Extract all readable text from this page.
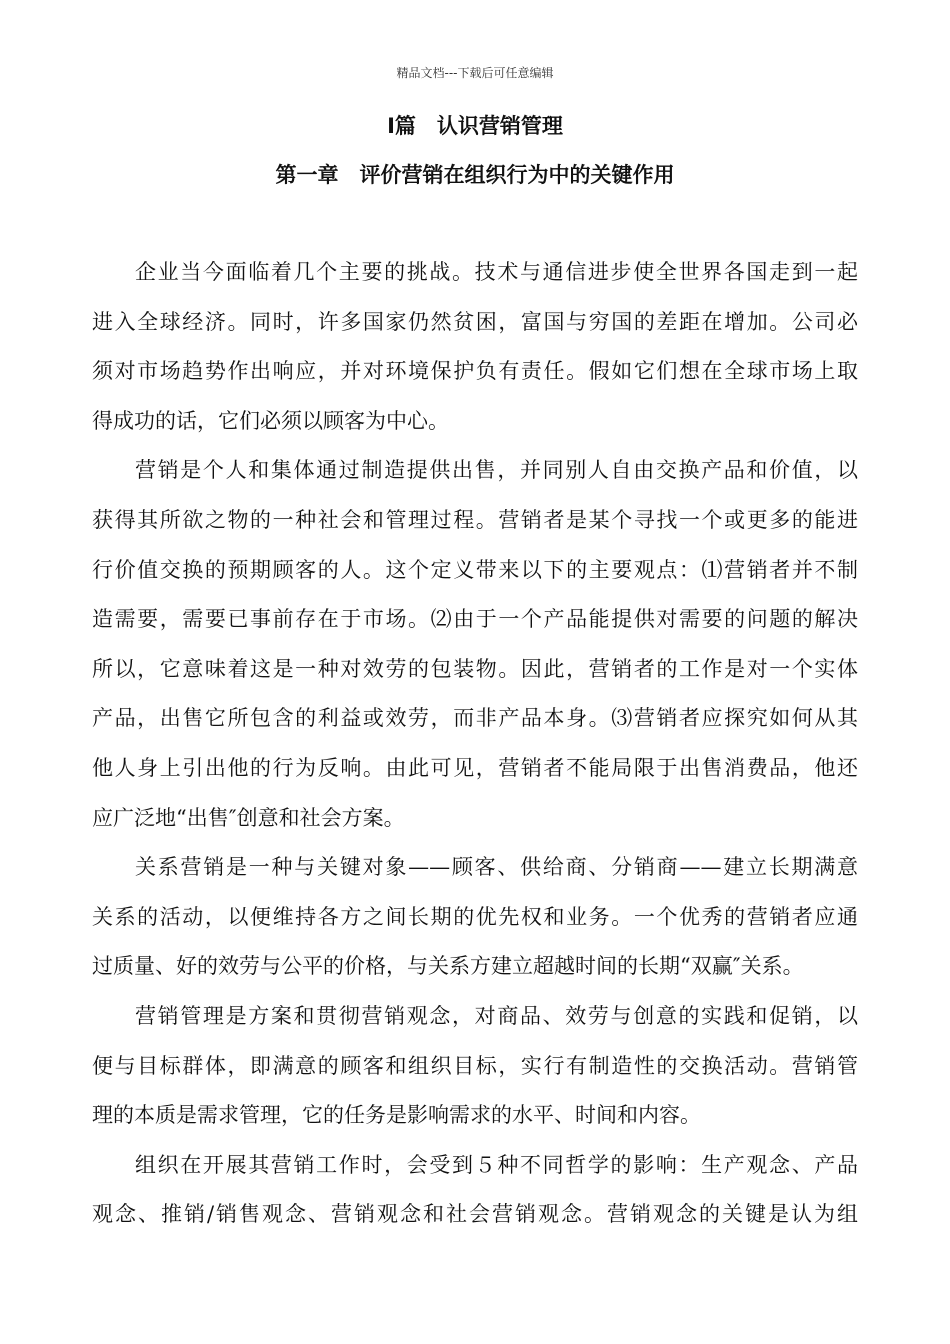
精品文档---下载后可任意编辑
I篇　认识营销管理
第一章　评价营销在组织行为中的关键作用
企业当今面临着几个主要的挑战。技术与通信进步使全世界各国走到一起
进入全球经济。同时，许多国家仍然贫困，富国与穷国的差距在增加。公司必
须对市场趋势作出响应，并对环境保护负有责任。假如它们想在全球市场上取
得成功的话，它们必须以顾客为中心。
营销是个人和集体通过制造提供出售，并同别人自由交换产品和价值，以
获得其所欲之物的一种社会和管理过程。营销者是某个寻找一个或更多的能进
行价值交换的预期顾客的人。这个定义带来以下的主要观点：⑴营销者并不制
造需要，需要已事前存在于市场。⑵由于一个产品能提供对需要的问题的解决
所以，它意味着这是一种对效劳的包装物。因此，营销者的工作是对一个实体
产品，出售它所包含的利益或效劳，而非产品本身。⑶营销者应探究如何从其
他人身上引出他的行为反响。由此可见，营销者不能局限于出售消费品，他还
应广泛地“出售″创意和社会方案。
关系营销是一种与关键对象——顾客、供给商、分销商——建立长期满意
关系的活动，以便维持各方之间长期的优先权和业务。一个优秀的营销者应通
过质量、好的效劳与公平的价格，与关系方建立超越时间的长期“双赢″关系。
营销管理是方案和贯彻营销观念，对商品、效劳与创意的实践和促销，以
便与目标群体，即满意的顾客和组织目标，实行有制造性的交换活动。营销管
理的本质是需求管理，它的任务是影响需求的水平、时间和内容。
组织在开展其营销工作时，会受到５种不同哲学的影响：生产观念、产品
观念、推销/销售观念、营销观念和社会营销观念。营销观念的关键是认为组
